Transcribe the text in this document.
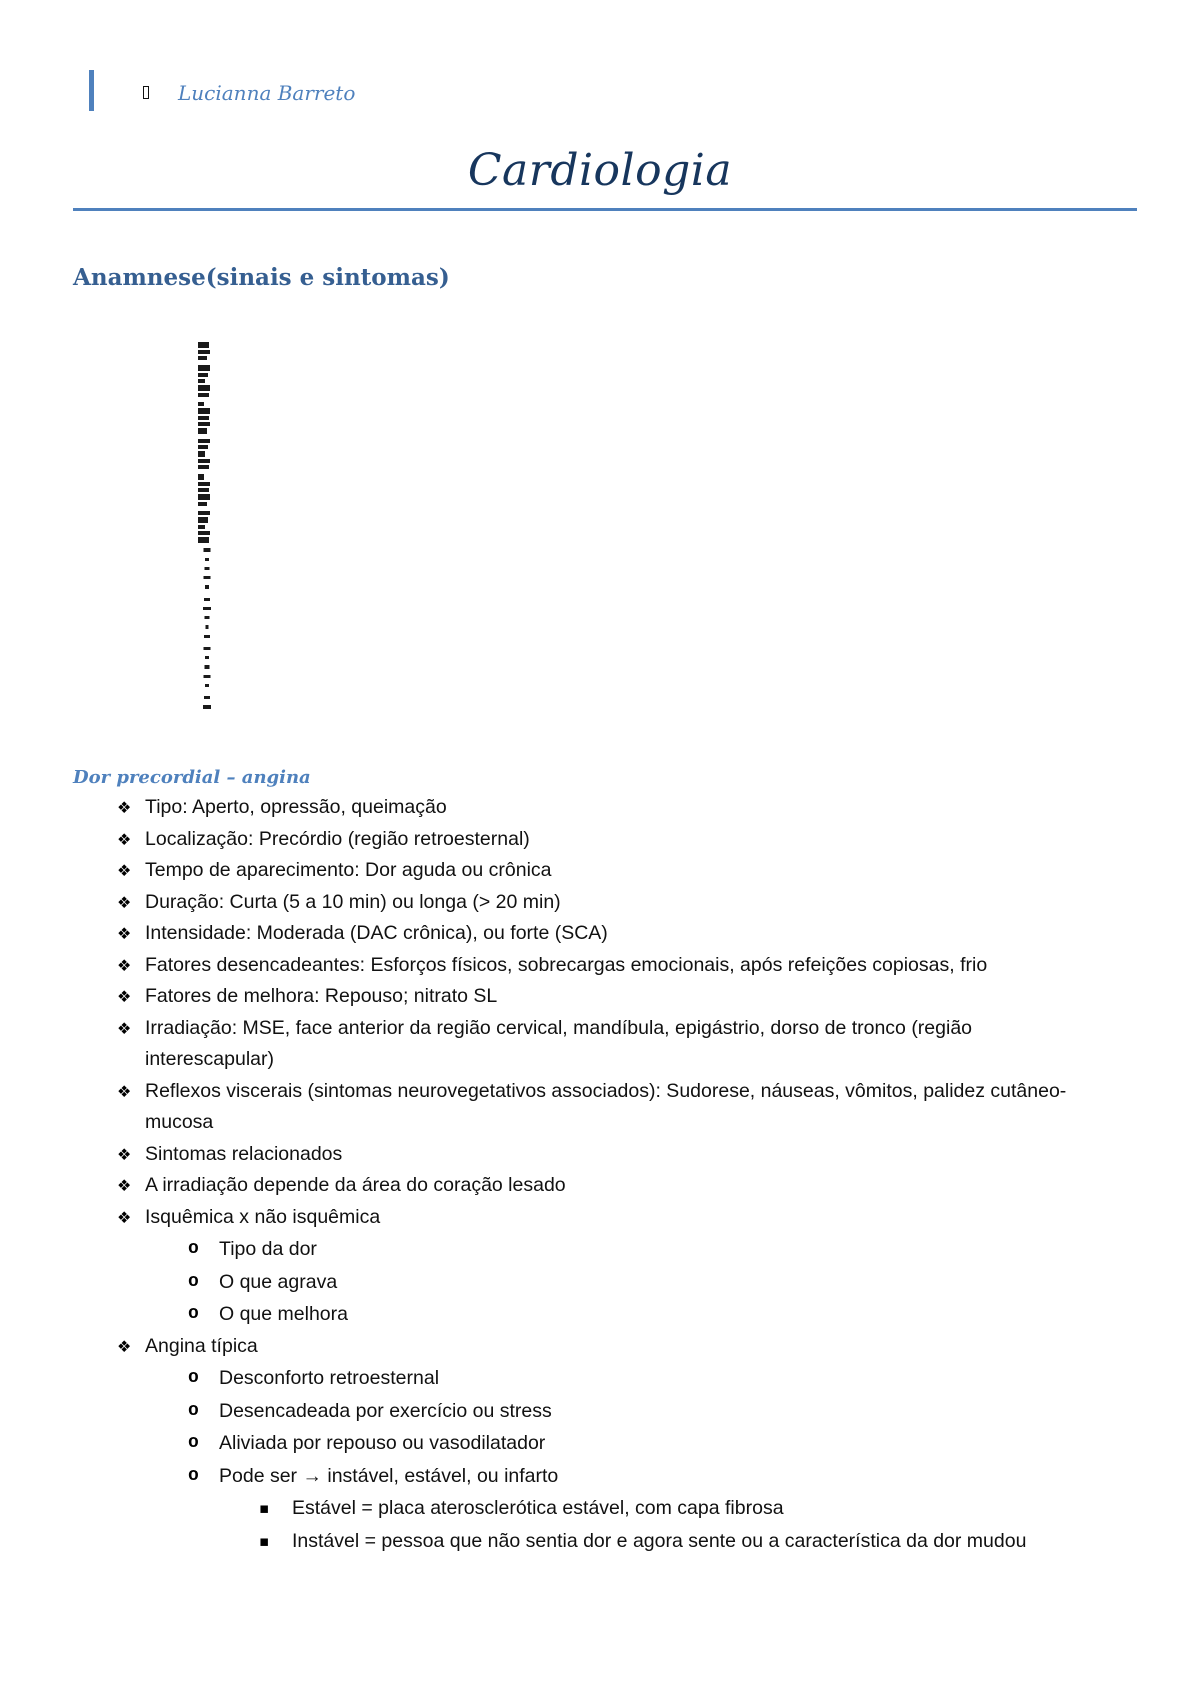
Lucianna Barreto
Cardiologia
Anamnese(sinais e sintomas)
Dor precordial – angina
❖ Tipo: Aperto, opressão, queimação
❖ Localização: Precórdio (região retroesternal)
❖ Tempo de aparecimento: Dor aguda ou crônica
❖ Duração: Curta (5 a 10 min) ou longa (> 20 min)
❖ Intensidade: Moderada (DAC crônica), ou forte (SCA)
❖ Fatores desencadeantes: Esforços físicos, sobrecargas emocionais, após refeições copiosas, frio
❖ Fatores de melhora: Repouso; nitrato SL
❖ Irradiação: MSE, face anterior da região cervical, mandíbula, epigástrio, dorso de tronco (região
interescapular)
❖ Reflexos viscerais (sintomas neurovegetativos associados): Sudorese, náuseas, vômitos, palidez cutâneo-
mucosa
❖ Sintomas relacionados
❖ A irradiação depende da área do coração lesado
❖ Isquêmica x não isquêmica
o Tipo da dor
o O que agrava
o O que melhora
❖ Angina típica
o Desconforto retroesternal
o Desencadeada por exercício ou stress
o Aliviada por repouso ou vasodilatador
o Pode ser → instável, estável, ou infarto
▪ Estável = placa aterosclerótica estável, com capa fibrosa
▪ Instável = pessoa que não sentia dor e agora sente ou a característica da dor mudou
